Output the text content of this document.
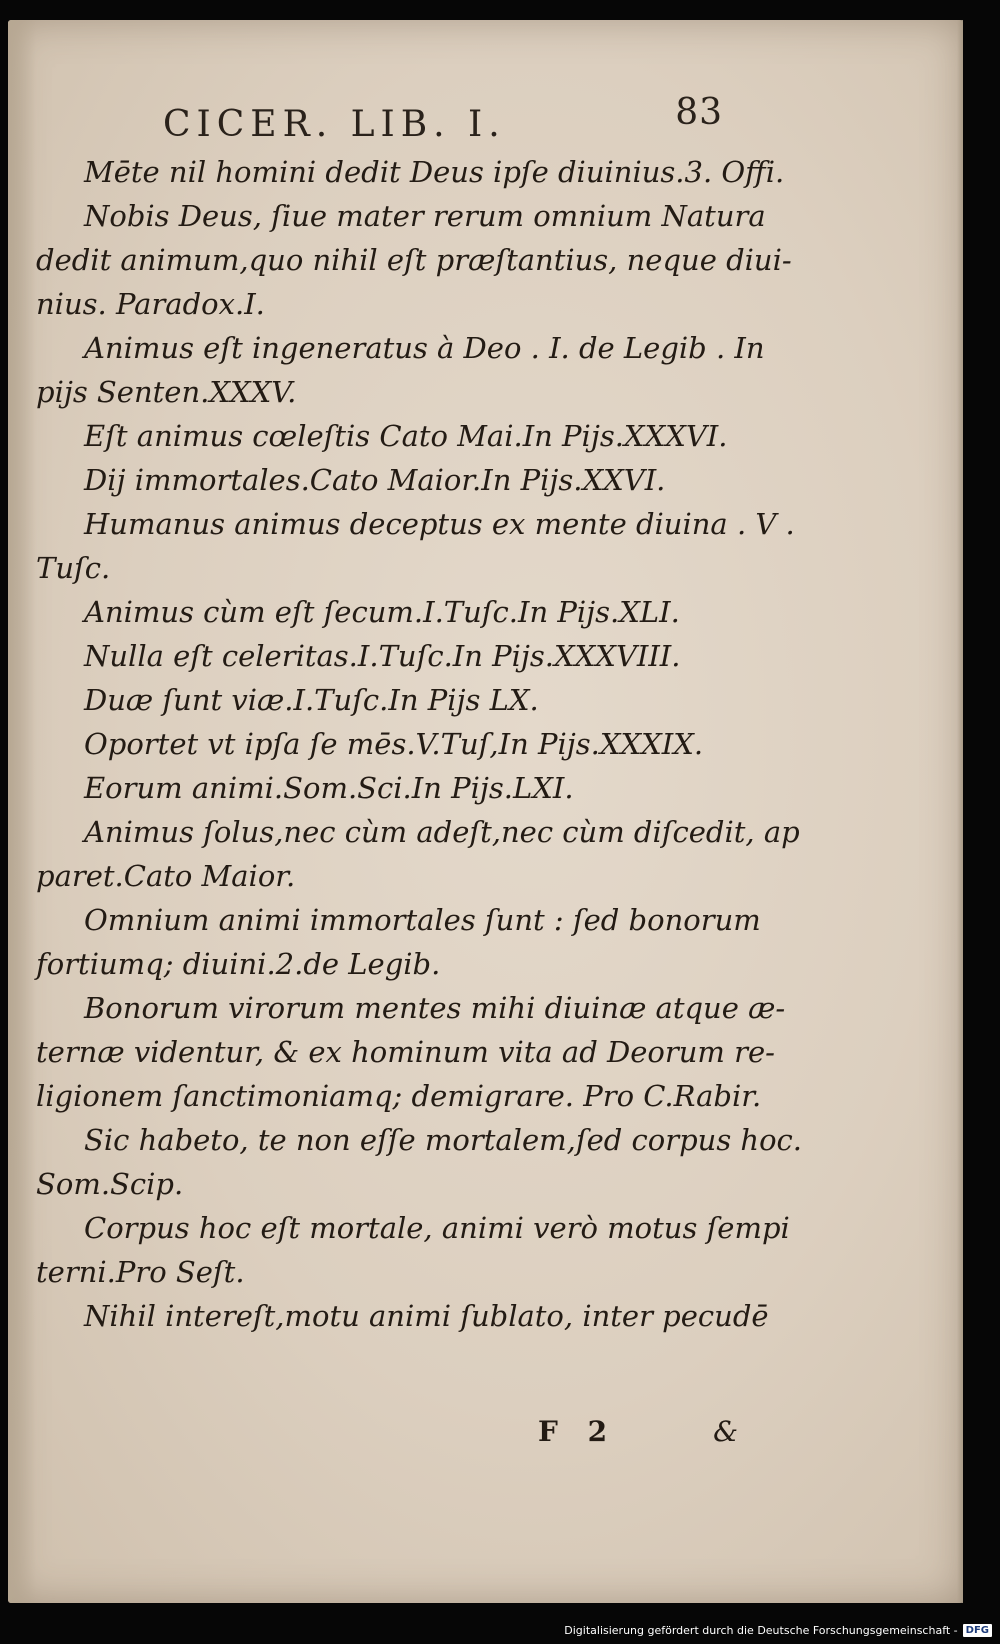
CICER. LIB. I.	83
Mēte nil homini dedit Deus ipſe diuinius.3. Offi.
Nobis Deus, ſiue mater rerum omnium Natura
dedit animum,quo nihil eſt præſtantius, neque diui-
nius. Paradox.I.
Animus eſt ingeneratus à Deo . I. de Legib . In
pijs Senten.XXXV.
Eſt animus cœleſtis Cato Mai.In Pijs.XXXVI.
Dij immortales.Cato Maior.In Pijs.XXVI.
Humanus animus deceptus ex mente diuina . V .
Tuſc.
Animus cùm eſt ſecum.I.Tuſc.In Pijs.XLI.
Nulla eſt celeritas.I.Tuſc.In Pijs.XXXVIII.
Duæ ſunt viæ.I.Tuſc.In Pijs LX.
Oportet vt ipſa ſe mēs.V.Tuſ,In Pijs.XXXIX.
Eorum animi.Som.Sci.In Pijs.LXI.
Animus ſolus,nec cùm adeſt,nec cùm diſcedit, ap
paret.Cato Maior.
Omnium animi immortales ſunt : ſed bonorum
fortiumq; diuini.2.de Legib.
Bonorum virorum mentes mihi diuinæ atque æ-
ternæ videntur, & ex hominum vita ad Deorum re-
ligionem ſanctimoniamq; demigrare. Pro C.Rabir.
Sic habeto, te non eſſe mortalem,ſed corpus hoc.
Som.Scip.
Corpus hoc eſt mortale, animi verò motus ſempi
terni.Pro Seſt.
Nihil intereſt,motu animi ſublato, inter pecudē
F 2	&
Digitalisierung gefördert durch die Deutsche Forschungsgemeinschaft - DFG
